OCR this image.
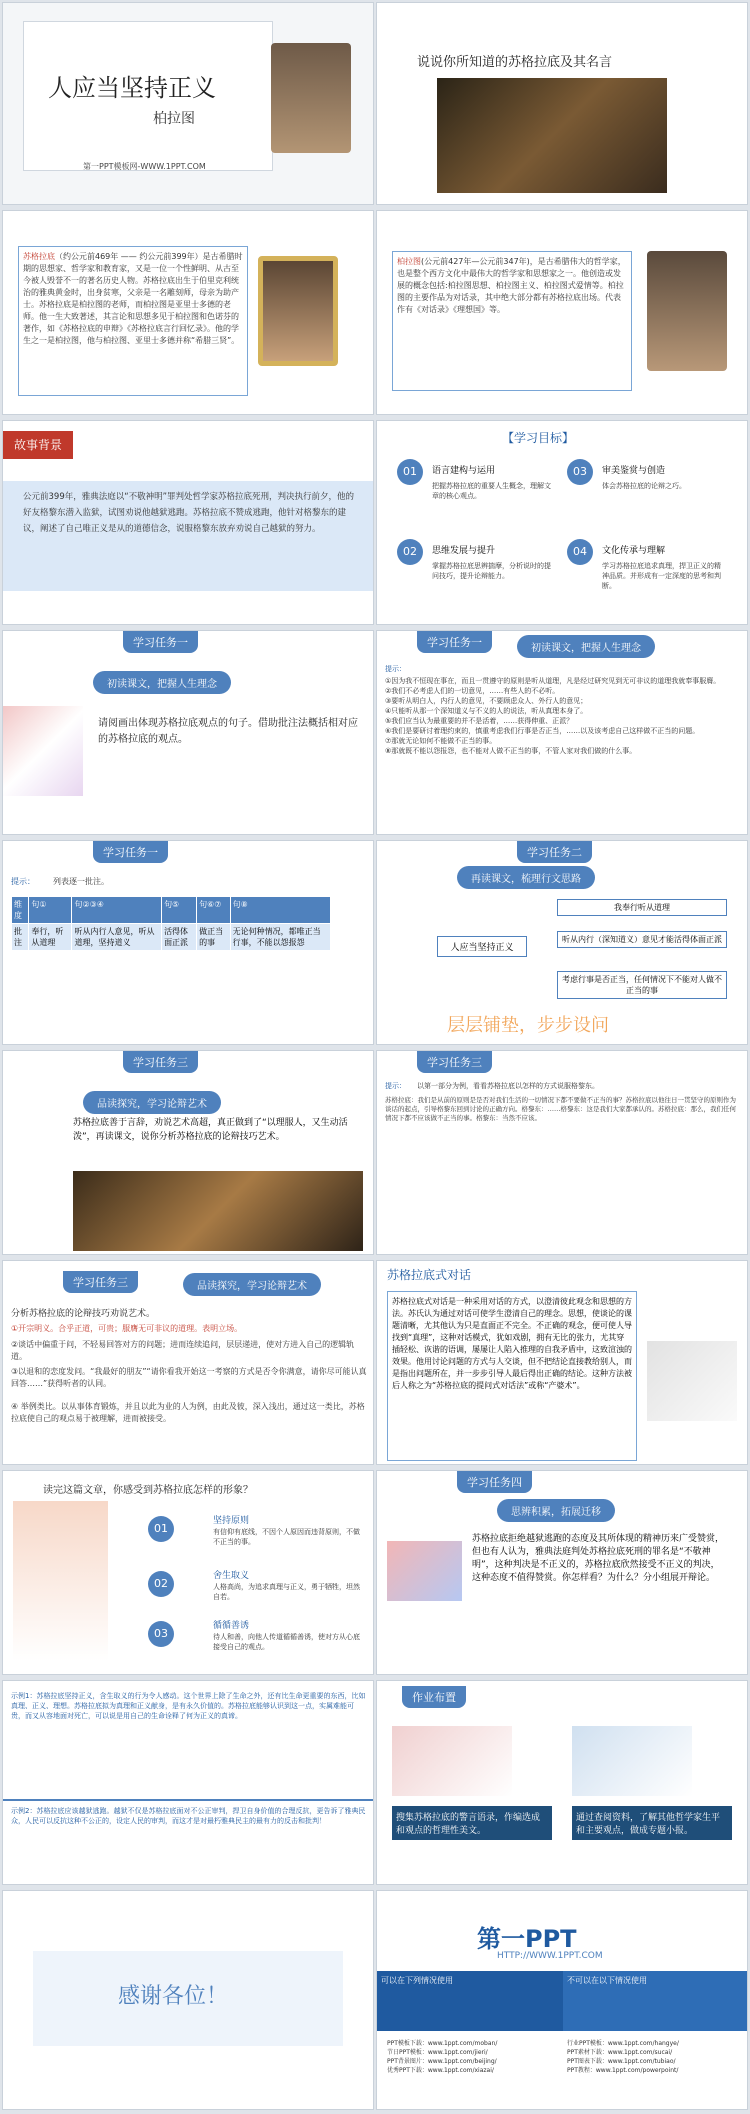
人应当坚持正义
柏拉图
第一PPT模板网-WWW.1PPT.COM
说说你所知道的苏格拉底及其名言
苏格拉底（约公元前469年 —— 约公元前399年）是古希腊时期的思想家、哲学家和教育家，又是一位一个性鲜明、从古至今被人毁誉不一的著名历史人物。苏格拉底出生于伯里克利统治的雅典黄金时，出身贫寒，父亲是一名雕刻师，母亲为助产士。苏格拉底是柏拉图的老师，而柏拉图是亚里士多德的老师。他一生大致著述，其言论和思想多见于柏拉图和色诺芬的著作，如《苏格拉底的申辩》《苏格拉底言行回忆录》。他的学生之一是柏拉图，他与柏拉图、亚里士多德并称“希腊三贤”。
柏拉图(公元前427年—公元前347年)，是古希腊伟大的哲学家，也是整个西方文化中最伟大的哲学家和思想家之一。他创造或发展的概念包括:柏拉图思想、柏拉图主义、柏拉图式爱情等。柏拉图的主要作品为对话录，其中绝大部分都有苏格拉底出场。代表作有《对话录》《理想国》等。
故事背景
公元前399年，雅典法庭以“不敬神明”罪判处哲学家苏格拉底死刑，判决执行前夕，他的好友格黎东潜入监狱，试图劝说他越狱逃跑。苏格拉底不赞成逃跑，他针对格黎东的建议，阐述了自己唯正义是从的道德信念，说服格黎东放弃劝说自己越狱的努力。
【学习目标】
01	语言建构与运用
把握苏格拉底的重要人生概念，理解文章的核心观点。
03	审美鉴赏与创造
体会苏格拉底的论辩之巧。
02	思维发展与提升
掌握苏格拉底思辨揣摩，分析说时的提问技巧，提升论辩能力。
04	文化传承与理解
学习苏格拉底追求真理，捍卫正义的精神品质。并形成有一定深度的思考和判断。
学习任务一
初读课文，把握人生理念
请阅画出体现苏格拉底观点的句子。借助批注法概括相对应的苏格拉底的观点。
学习任务一	初读课文，把握人生理念
提示：
①因为我不恒现在事在，而且一贯遵守的原则是听从道理，凡是经过研究见到无可非议的道理我就奉事服膺。
②我们不必考虑人们的一切意见，……有些人的不必听。
③要听从明白人，内行人的意见，不要顾虑众人、外行人的意见；
④只能听从那一个深知道义与不义的人的说法，听从真理本身了。
⑤我们应当认为最重要的并不是活着，……获得伸重、正派？
⑥我们是要研讨着理约束的，慎重考虑我们行事是否正当，……以及该考虑自己这样做不正当的问题。
⑦那就无论如何不能做不正当的事。
⑧那就既不能以怨报怨，也不能对人做不正当的事，不管人家对我们做的什么事。
学习任务一
提示： 列表逐一批注。
维度	句①	句②③④	句⑤	句⑥⑦	句⑧
批注	奉行，听从道理	听从内行人意见，听从道理，坚持道义	活得体面正派	做正当的事	无论何种情况，都唯正当行事，不能以怨报怨
学习任务二
再读课文，梳理行文思路
人应当坚持正义
我奉行听从道理
听从内行（深知道义）意见才能活得体面正派
考虑行事是否正当，任何情况下不能对人做不正当的事
层层铺垫，步步设问
学习任务三
品读探究，学习论辩艺术
苏格拉底善于言辞，劝说艺术高超，真正做到了“以理服人，又生动活泼”，再读课文，说你分析苏格拉底的论辩技巧艺术。
学习任务三
提示： 以第一部分为例，看看苏格拉底以怎样的方式说服格黎东。
苏格拉底：我们是从前的原则是是否对我们生活的一切情况下都不要做不正当的事？苏格拉底以他往日一贯坚守的原则作为谈话的起点，引导格黎东回到讨论的正确方向。格黎东：……格黎东：这是我们大家都承认的。苏格拉底：那么，我们任何情况下都不应该做不正当的事。格黎东：当然不应该。
学习任务三	品读探究，学习论辩艺术
分析苏格拉底的论辩技巧劝说艺术。
①开宗明义。合乎正道，可贵；服膺无可非议的道理。表明立场。
②谈话中偏重于问，不轻易回答对方的问题；进而连续追问，层层递进，使对方进入自己的逻辑轨道。
③以退和的恋度发问。“我最好的朋友”“请你看我开始这一考察的方式是否令你满意，请你尽可能认真回答……”获得听者的认同。
④ 举例类比。以从事体育锻炼，并且以此为业的人为例，由此及彼，深入浅出，通过这一类比，苏格拉底使自己的观点易于被理解，进而被接受。
苏格拉底式对话
苏格拉底式对话是一种采用对话的方式，以澄清彼此观念和思想的方法。苏氏认为通过对话可使学生澄清自己的理念。思想，使谈论的课题清晰，尤其他认为只是直面正不完全。不正确的观念，便可使人导找到“真理”，这种对话模式，犹如戏剧，拥有无比的张力，尤其穿插轻松、诙谐的语调，屡屡让人陷入推理的自我矛盾中，这致渲浊的效果。他用讨论问题的方式与人交谈，但不把结论直接教给别人，而是指出问题所在，并一步步引导人最后得出正确的结论。这种方法被后人称之为“苏格拉底的提问式对话法”或称“产婆术”。
读完这篇文章，你感受到苏格拉底怎样的形象？
01
坚持原则
有信仰有底线，不因个人原因而违背原则，不做不正当的事。
02
舍生取义
人格高尚，为追求真理与正义，勇于牺牲，坦然自若。
03
循循善诱
待人和善，向他人传道循循善诱，使对方从心底接受自己的观点。
学习任务四
思辨积累，拓展迁移
苏格拉底拒绝越狱逃跑的态度及其所体现的精神历来广受赞赏，但也有人认为，雅典法庭判处苏格拉底死刑的罪名是“不敬神明”，这种判决是不正义的，苏格拉底欣然接受不正义的判决，这种态度不值得赞赏。你怎样看？为什么？分小组展开辩论。
示例1：苏格拉底坚持正义，含生取义的行为令人感动。这个世界上除了生命之外，还有比生命更重要的东西，比如真理、正义、理想。苏格拉底拟为真理和正义献身，是有永久价值的。苏格拉底能够认识到这一点，实属难能可贵，而又从容地面对死亡，可以说是用自己的生命诠释了何为正义的真谛。
示例2：苏格拉底应该越狱逃跑。越狱不仅是苏格拉底面对不公正审判，捍卫自身价值的合理反抗，更告诉了雅典民众，人民可以反抗这种不公正的，设定人民的审判，而这才是对最朽雅典民主的最有力的反击和批判！
作业布置
搜集苏格拉底的警言语录，作编选成和观点的哲理性美文。
通过查阅资料，了解其他哲学家生平和主要观点，做成专题小报。
感谢各位！
第一PPT
HTTP://WWW.1PPT.COM
可以在下列情况使用	不可以在以下情况使用
PPT模板下载：www.1ppt.com/moban/
节日PPT模板：www.1ppt.com/jieri/
PPT背景图片：www.1ppt.com/beijing/
优秀PPT下载：www.1ppt.com/xiazai/
行业PPT模板：www.1ppt.com/hangye/
PPT素材下载：www.1ppt.com/sucai/
PPT图表下载：www.1ppt.com/tubiao/
PPT教程：www.1ppt.com/powerpoint/
